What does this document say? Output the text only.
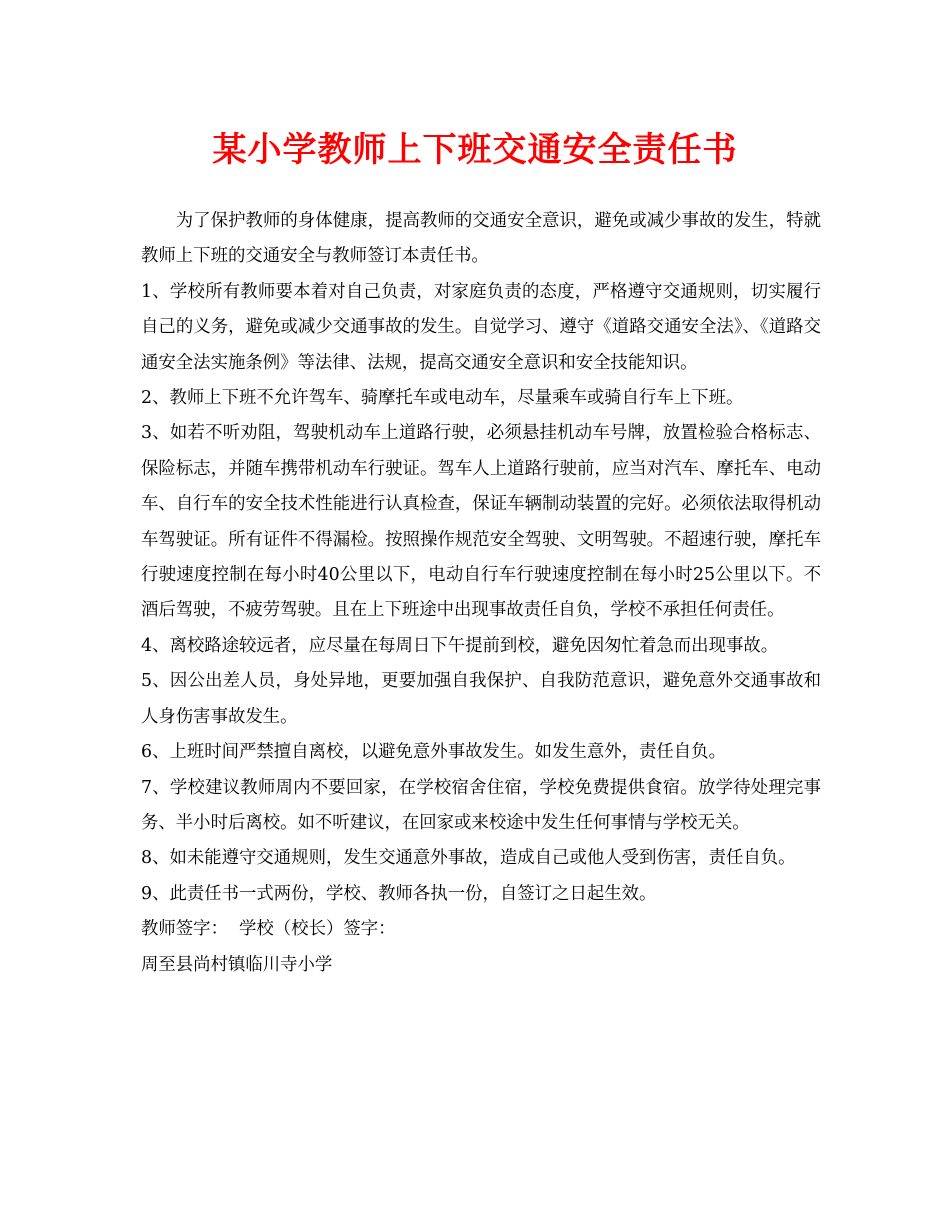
某小学教师上下班交通安全责任书

为了保护教师的身体健康，提高教师的交通安全意识，避免或减少事故的发生，特就教师上下班的交通安全与教师签订本责任书。

1、学校所有教师要本着对自己负责，对家庭负责的态度，严格遵守交通规则，切实履行自己的义务，避免或减少交通事故的发生。自觉学习、遵守《道路交通安全法》、《道路交通安全法实施条例》等法律、法规，提高交通安全意识和安全技能知识。

2、教师上下班不允许驾车、骑摩托车或电动车，尽量乘车或骑自行车上下班。

3、如若不听劝阻，驾驶机动车上道路行驶，必须悬挂机动车号牌，放置检验合格标志、保险标志，并随车携带机动车行驶证。驾车人上道路行驶前，应当对汽车、摩托车、电动车、自行车的安全技术性能进行认真检查，保证车辆制动装置的完好。必须依法取得机动车驾驶证。所有证件不得漏检。按照操作规范安全驾驶、文明驾驶。不超速行驶，摩托车行驶速度控制在每小时40公里以下，电动自行车行驶速度控制在每小时25公里以下。不酒后驾驶，不疲劳驾驶。且在上下班途中出现事故责任自负，学校不承担任何责任。

4、离校路途较远者，应尽量在每周日下午提前到校，避免因匆忙着急而出现事故。

5、因公出差人员，身处异地，更要加强自我保护、自我防范意识，避免意外交通事故和人身伤害事故发生。

6、上班时间严禁擅自离校，以避免意外事故发生。如发生意外，责任自负。

7、学校建议教师周内不要回家，在学校宿舍住宿，学校免费提供食宿。放学待处理完事务、半小时后离校。如不听建议，在回家或来校途中发生任何事情与学校无关。

8、如未能遵守交通规则，发生交通意外事故，造成自己或他人受到伤害，责任自负。

9、此责任书一式两份，学校、教师各执一份，自签订之日起生效。

教师签字：  学校（校长）签字：

周至县尚村镇临川寺小学
